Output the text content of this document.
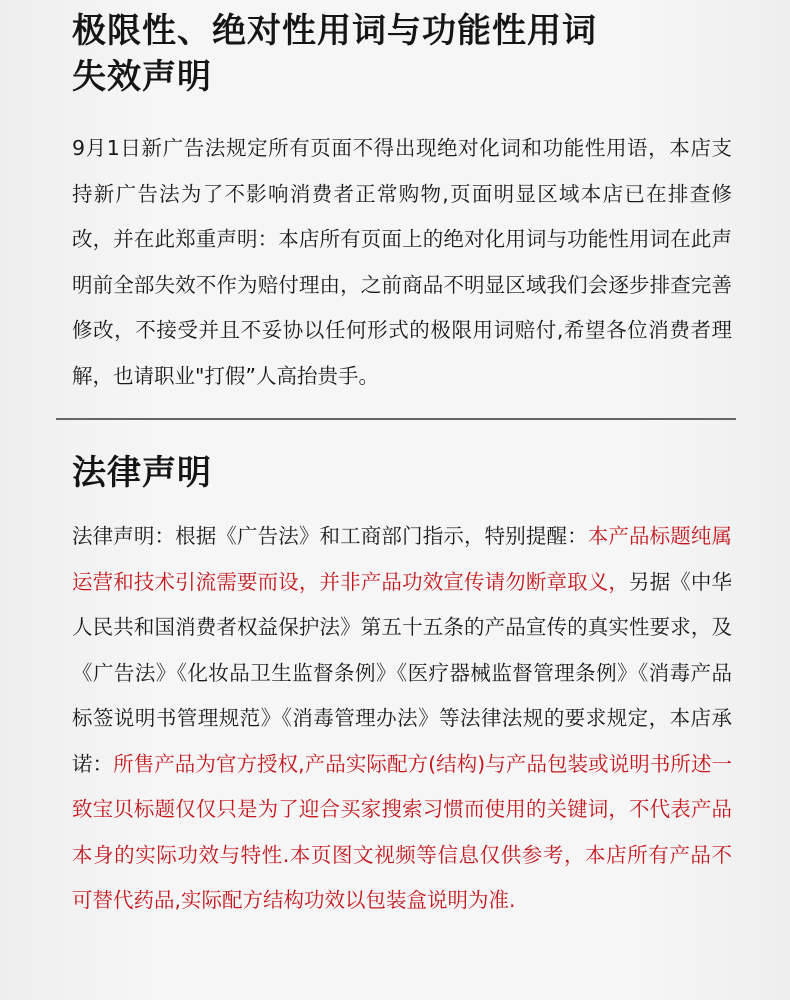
极限性、绝对性用词与功能性用词
失效声明
9月1日新广告法规定所有页面不得出现绝对化词和功能性用语，本店支持新广告法为了不影响消费者正常购物,页面明显区域本店已在排查修改，并在此郑重声明：本店所有页面上的绝对化用词与功能性用词在此声明前全部失效不作为赔付理由，之前商品不明显区域我们会逐步排查完善修改，不接受并且不妥协以任何形式的极限用词赔付,希望各位消费者理解，也请职业"打假”人高抬贵手。
法律声明
法律声明：根据《广告法》和工商部门指示，特别提醒：本产品标题纯属运营和技术引流需要而设，并非产品功效宣传请勿断章取义，另据《中华人民共和国消费者权益保护法》第五十五条的产品宣传的真实性要求，及《广告法》《化妆品卫生监督条例》《医疗器械监督管理条例》《消毒产品标签说明书管理规范》《消毒管理办法》等法律法规的要求规定，本店承诺：所售产品为官方授权,产品实际配方(结构)与产品包装或说明书所述一致宝贝标题仅仅只是为了迎合买家搜索习惯而使用的关键词，不代表产品本身的实际功效与特性.本页图文视频等信息仅供参考，本店所有产品不可替代药品,实际配方结构功效以包装盒说明为准.
